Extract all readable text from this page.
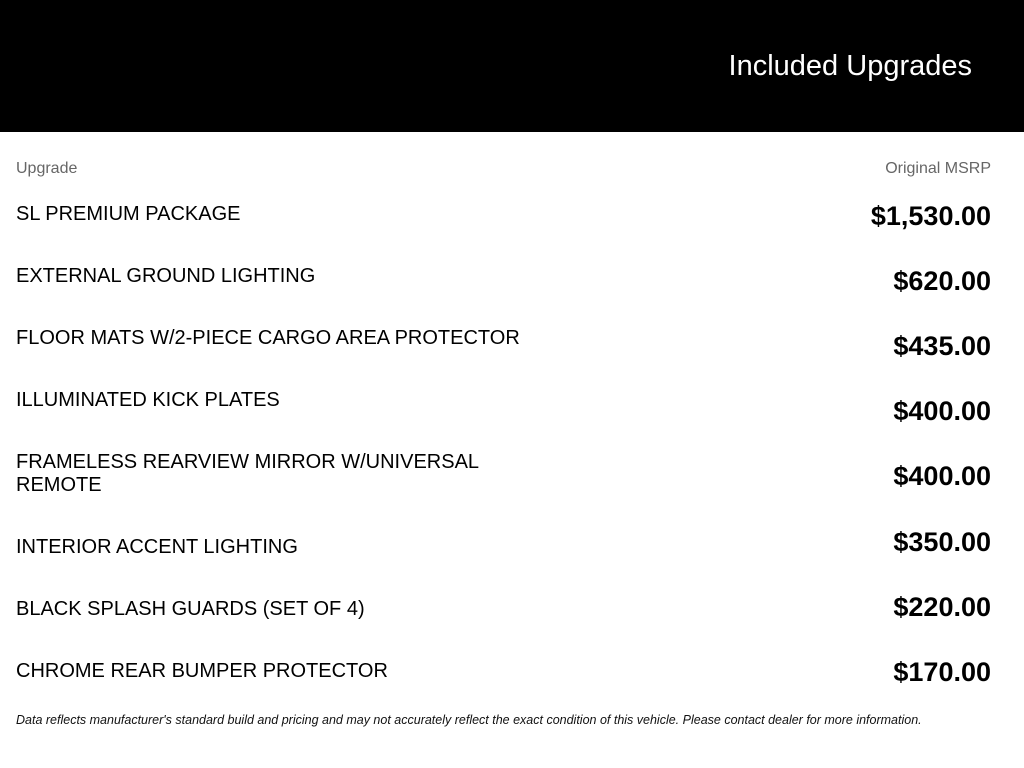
Included Upgrades
Upgrade	Original MSRP
SL PREMIUM PACKAGE	$1,530.00
EXTERNAL GROUND LIGHTING	$620.00
FLOOR MATS W/2-PIECE CARGO AREA PROTECTOR	$435.00
ILLUMINATED KICK PLATES	$400.00
FRAMELESS REARVIEW MIRROR W/UNIVERSAL REMOTE	$400.00
INTERIOR ACCENT LIGHTING	$350.00
BLACK SPLASH GUARDS (SET OF 4)	$220.00
CHROME REAR BUMPER PROTECTOR	$170.00
Data reflects manufacturer's standard build and pricing and may not accurately reflect the exact condition of this vehicle. Please contact dealer for more information.
